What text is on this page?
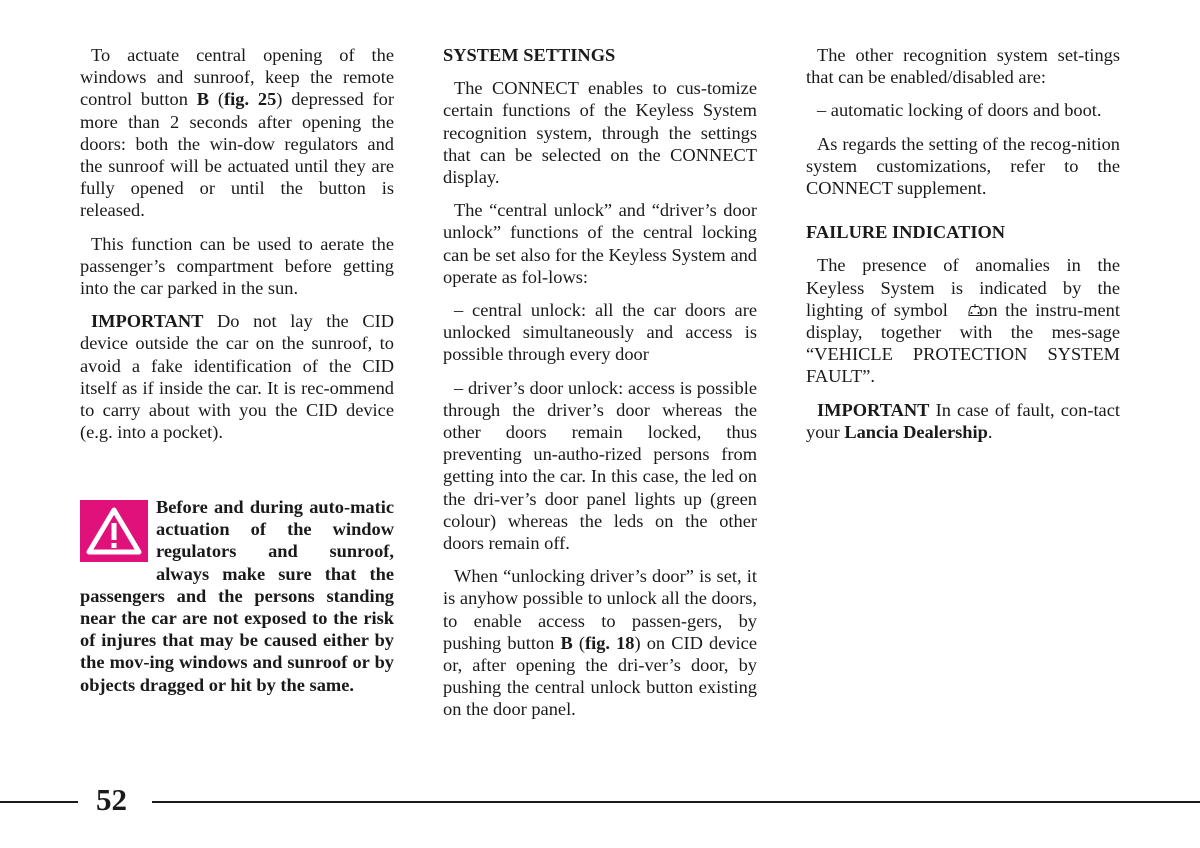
To actuate central opening of the windows and sunroof, keep the remote control button B (fig. 25) depressed for more than 2 seconds after opening the doors: both the win-dow regulators and the sunroof will be actuated until they are fully opened or until the button is released.

This function can be used to aerate the passenger’s compartment before getting into the car parked in the sun.

IMPORTANT Do not lay the CID device outside the car on the sunroof, to avoid a fake identification of the CID itself as if inside the car. It is rec-ommend to carry about with you the CID device (e.g. into a pocket).

Before and during auto-matic actuation of the window regulators and sunroof, always make sure that the passengers and the persons standing near the car are not exposed to the risk of injures that may be caused either by the mov-ing windows and sunroof or by objects dragged or hit by the same.
SYSTEM SETTINGS

The CONNECT enables to cus-tomize certain functions of the Keyless System recognition system, through the settings that can be selected on the CONNECT display.

The “central unlock” and “driver’s door unlock” functions of the central locking can be set also for the Keyless System and operate as fol-lows:

– central unlock: all the car doors are unlocked simultaneously and access is possible through every door

– driver’s door unlock: access is possible through the driver’s door whereas the other doors remain locked, thus preventing un-autho-rized persons from getting into the car. In this case, the led on the dri-ver’s door panel lights up (green colour) whereas the leds on the other doors remain off.

When “unlocking driver’s door” is set, it is anyhow possible to unlock all the doors, to enable access to passen-gers, by pushing button B (fig. 18) on CID device or, after opening the dri-ver’s door, by pushing the central unlock button existing on the door panel.

The other recognition system set-tings that can be enabled/disabled are:

– automatic locking of doors and boot.

As regards the setting of the recog-nition system customizations, refer to the CONNECT supplement.

FAILURE INDICATION

The presence of anomalies in the Keyless System is indicated by the lighting of symbol  on the instru-ment display, together with the mes-sage “VEHICLE PROTECTION SYSTEM FAULT”.

IMPORTANT In case of fault, con-tact your Lancia Dealership.

52
